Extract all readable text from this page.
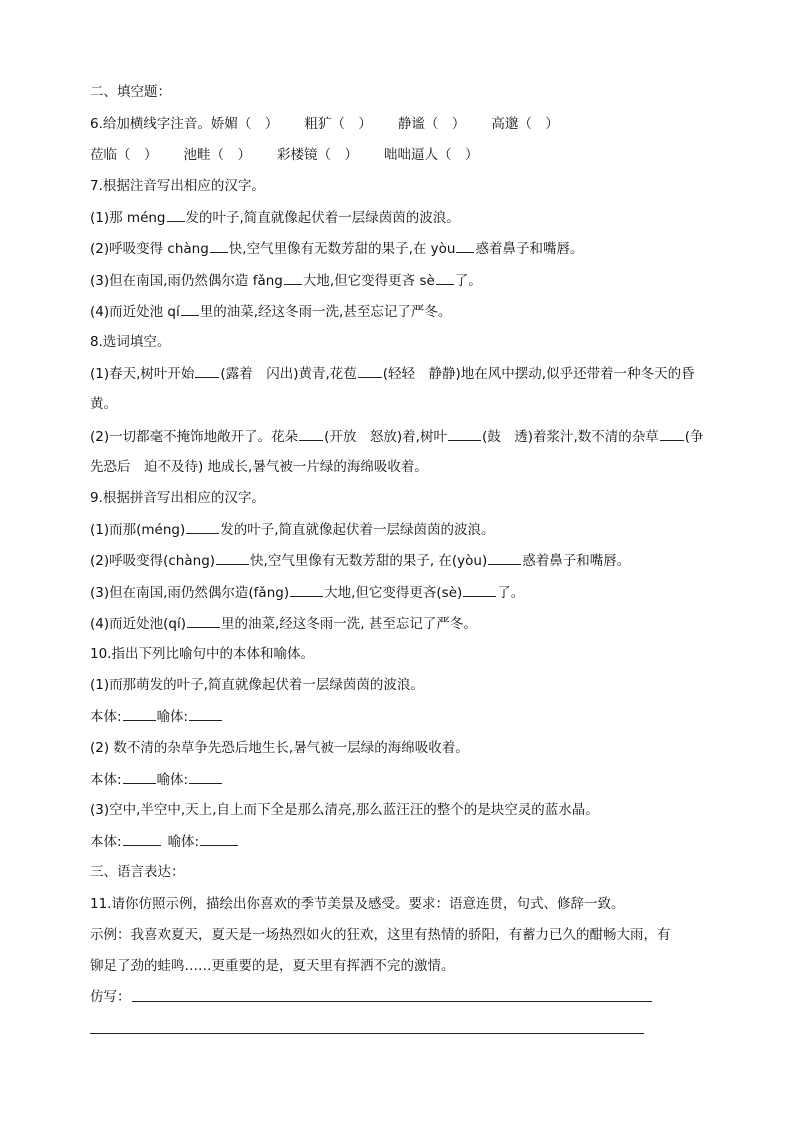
二、填空题：
6.给加横线字注音。娇媚（　） 粗犷（　） 静谧（　） 高邈（　）
莅临（　） 池畦（　） 彩楼镜（　） 咄咄逼人（　）
7.根据注音写出相应的汉字。
(1)那 méng 发的叶子,简直就像起伏着一层绿茵茵的波浪。
(2)呼吸变得 chàng 快,空气里像有无数芳甜的果子,在 yòu 惑着鼻子和嘴唇。
(3)但在南国,雨仍然偶尔造 fǎng 大地,但它变得更吝 sè 了。
(4)而近处池 qí 里的油菜,经这冬雨一洗,甚至忘记了严冬。
8.选词填空。
(1)春天,树叶开始 (露着　闪出)黄青,花苞 (轻轻　静静)地在风中摆动,似乎还带着一种冬天的昏
黄。
(2)一切都毫不掩饰地敞开了。花朵 (开放　怒放)着,树叶	(鼓　透)着浆汁,数不清的杂草 (争
先恐后　迫不及待) 地成长,暑气被一片绿的海绵吸收着。
9.根据拼音写出相应的汉字。
(1)而那(méng)	发的叶子,简直就像起伏着一层绿茵茵的波浪。
(2)呼吸变得(chàng)	快,空气里像有无数芳甜的果子, 在(yòu)	惑着鼻子和嘴唇。
(3)但在南国,雨仍然偶尔造(fǎng)	大地,但它变得更吝(sè)	了。
(4)而近处池(qí)	里的油菜,经这冬雨一洗, 甚至忘记了严冬。
10.指出下列比喻句中的本体和喻体。
(1)而那萌发的叶子,简直就像起伏着一层绿茵茵的波浪。
本体:	喻体:
(2) 数不清的杂草争先恐后地生长,暑气被一层绿的海绵吸收着。
本体:	喻体:
(3)空中,半空中,天上,自上而下全是那么清亮,那么蓝汪汪的整个的是块空灵的蓝水晶。
本体:	喻体:
三、语言表达：
11.请你仿照示例，描绘出你喜欢的季节美景及感受。要求：语意连贯，句式、修辞一致。
示例：我喜欢夏天，夏天是一场热烈如火的狂欢，这里有热情的骄阳，有蓄力已久的酣畅大雨，有
铆足了劲的蛙鸣……更重要的是，夏天里有挥洒不完的激情。
仿写：
